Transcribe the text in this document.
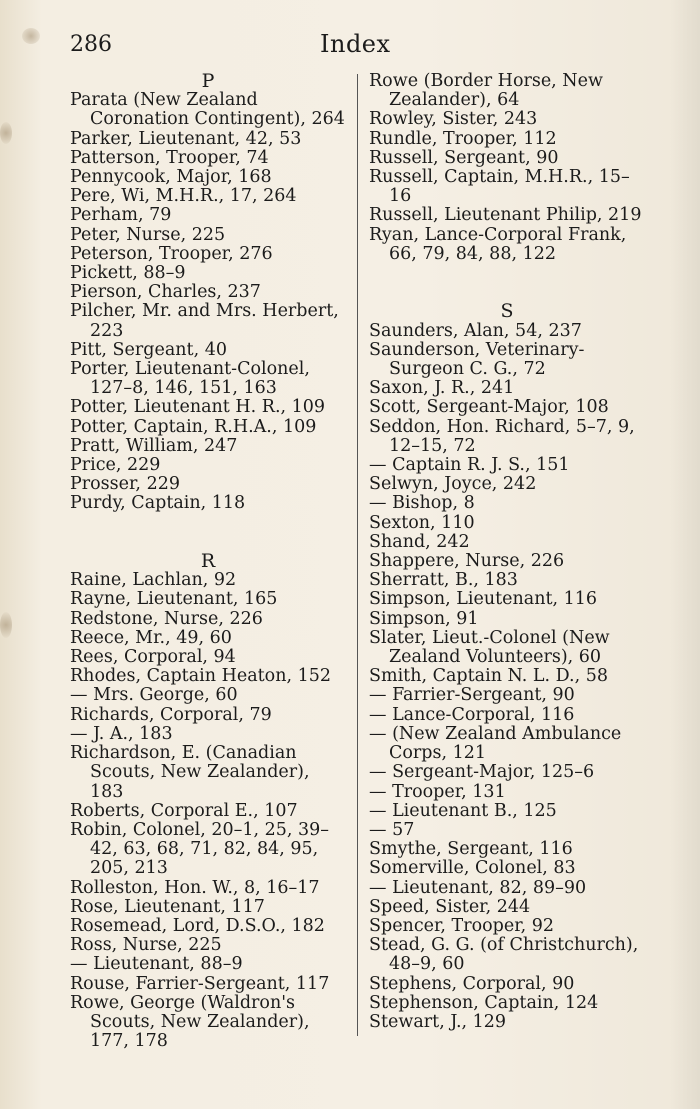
286	Index
P

Parata (New Zealand Coronation Contingent), 264

Parker, Lieutenant, 42, 53

Patterson, Trooper, 74

Pennycook, Major, 168

Pere, Wi, M.H.R., 17, 264

Perham, 79

Peter, Nurse, 225

Peterson, Trooper, 276

Pickett, 88–9

Pierson, Charles, 237

Pilcher, Mr. and Mrs. Herbert, 223

Pitt, Sergeant, 40

Porter, Lieutenant-Colonel, 127–8, 146, 151, 163

Potter, Lieutenant H. R., 109

Potter, Captain, R.H.A., 109

Pratt, William, 247

Price, 229

Prosser, 229

Purdy, Captain, 118

R

Raine, Lachlan, 92

Rayne, Lieutenant, 165

Redstone, Nurse, 226

Reece, Mr., 49, 60

Rees, Corporal, 94

Rhodes, Captain Heaton, 152

— Mrs. George, 60

Richards, Corporal, 79

— J. A., 183

Richardson, E. (Canadian Scouts, New Zealander), 183

Roberts, Corporal E., 107

Robin, Colonel, 20–1, 25, 39–42, 63, 68, 71, 82, 84, 95, 205, 213

Rolleston, Hon. W., 8, 16–17

Rose, Lieutenant, 117

Rosemead, Lord, D.S.O., 182

Ross, Nurse, 225

— Lieutenant, 88–9

Rouse, Farrier-Sergeant, 117

Rowe, George (Waldron's Scouts, New Zealander), 177, 178

Rowe (Border Horse, New Zealander), 64

Rowley, Sister, 243

Rundle, Trooper, 112

Russell, Sergeant, 90

Russell, Captain, M.H.R., 15–16

Russell, Lieutenant Philip, 219

Ryan, Lance-Corporal Frank, 66, 79, 84, 88, 122

S

Saunders, Alan, 54, 237

Saunderson, Veterinary-Surgeon C. G., 72

Saxon, J. R., 241

Scott, Sergeant-Major, 108

Seddon, Hon. Richard, 5–7, 9, 12–15, 72

— Captain R. J. S., 151

Selwyn, Joyce, 242

— Bishop, 8

Sexton, 110

Shand, 242

Shappere, Nurse, 226

Sherratt, B., 183

Simpson, Lieutenant, 116

Simpson, 91

Slater, Lieut.-Colonel (New Zealand Volunteers), 60

Smith, Captain N. L. D., 58

— Farrier-Sergeant, 90

— Lance-Corporal, 116

— (New Zealand Ambulance Corps, 121

— Sergeant-Major, 125–6

— Trooper, 131

— Lieutenant B., 125

— 57

Smythe, Sergeant, 116

Somerville, Colonel, 83

— Lieutenant, 82, 89–90

Speed, Sister, 244

Spencer, Trooper, 92

Stead, G. G. (of Christchurch), 48–9, 60

Stephens, Corporal, 90

Stephenson, Captain, 124

Stewart, J., 129
